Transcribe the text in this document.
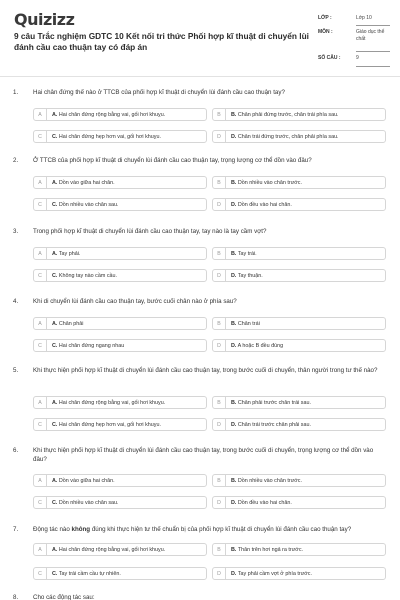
Quizizz
9 câu Trắc nghiệm GDTC 10 Kết nối tri thức Phối hợp kĩ thuật di chuyển lùi đánh cầu cao thuận tay có đáp án
LỚP :	Lớp 10
MÔN :	Giáo dục thể chất
SỐ CÂU :	9
1. Hai chân đứng thế nào ở TTCB của phối hợp kĩ thuật di chuyển lùi đánh cầu cao thuận tay?
A	A. Hai chân đứng rộng bằng vai, gối hơi khuỵu.	B	B. Chân phải đứng trước, chân trái phía sau.
C	C. Hai chân đứng hẹp hơn vai, gối hơi khuỵu.	D	D. Chân trái đứng trước, chân phải phía sau.
2. Ở TTCB của phối hợp kĩ thuật di chuyển lùi đánh cầu cao thuận tay, trọng lượng cơ thể dồn vào đâu?
A	A. Dồn vào giữa hai chân.	B	B. Dồn nhiều vào chân trước.
C	C. Dồn nhiều vào chân sau.	D	D. Dồn đều vào hai chân.
3. Trong phối hợp kĩ thuật di chuyển lùi đánh cầu cao thuận tay, tay nào là tay cầm vợt?
A	A. Tay phải.	B	B. Tay trái.
C	C. Không tay nào cầm cầu.	D	D. Tay thuận.
4. Khi di chuyển lùi đánh cầu cao thuận tay, bước cuối chân nào ở phía sau?
A	A. Chân phải	B	B. Chân trái
C	C. Hai chân đứng ngang nhau	D	D. A hoặc B đều đúng
5. Khi thực hiện phối hợp kĩ thuật di chuyển lùi đánh cầu cao thuận tay, trong bước cuối di chuyển, thân người trong tư thế nào?
A	A. Hai chân đứng rộng bằng vai, gối hơi khuỵu.	B	B. Chân phải trước chân trái sau.
C	C. Hai chân đứng hẹp hơn vai, gối hơi khuỵu.	D	D. Chân trái trước chân phải sau.
6. Khi thực hiện phối hợp kĩ thuật di chuyển lùi đánh cầu cao thuận tay, trong bước cuối di chuyển, trọng lượng cơ thể dồn vào đâu?
A	A. Dồn vào giữa hai chân.	B	B. Dồn nhiều vào chân trước.
C	C. Dồn nhiều vào chân sau.	D	D. Dồn đều vào hai chân.
7. Động tác nào không đúng khi thực hiện tư thế chuẩn bị của phối hợp kĩ thuật di chuyển lùi đánh cầu cao thuận tay?
A	A. Hai chân đứng rộng bằng vai, gối hơi khuỵu.	B	B. Thân trên hơi ngả ra trước.
C	C. Tay trái cầm cầu tự nhiên.	D	D. Tay phải cầm vợt ở phía trước.
8. Cho các động tác sau:
